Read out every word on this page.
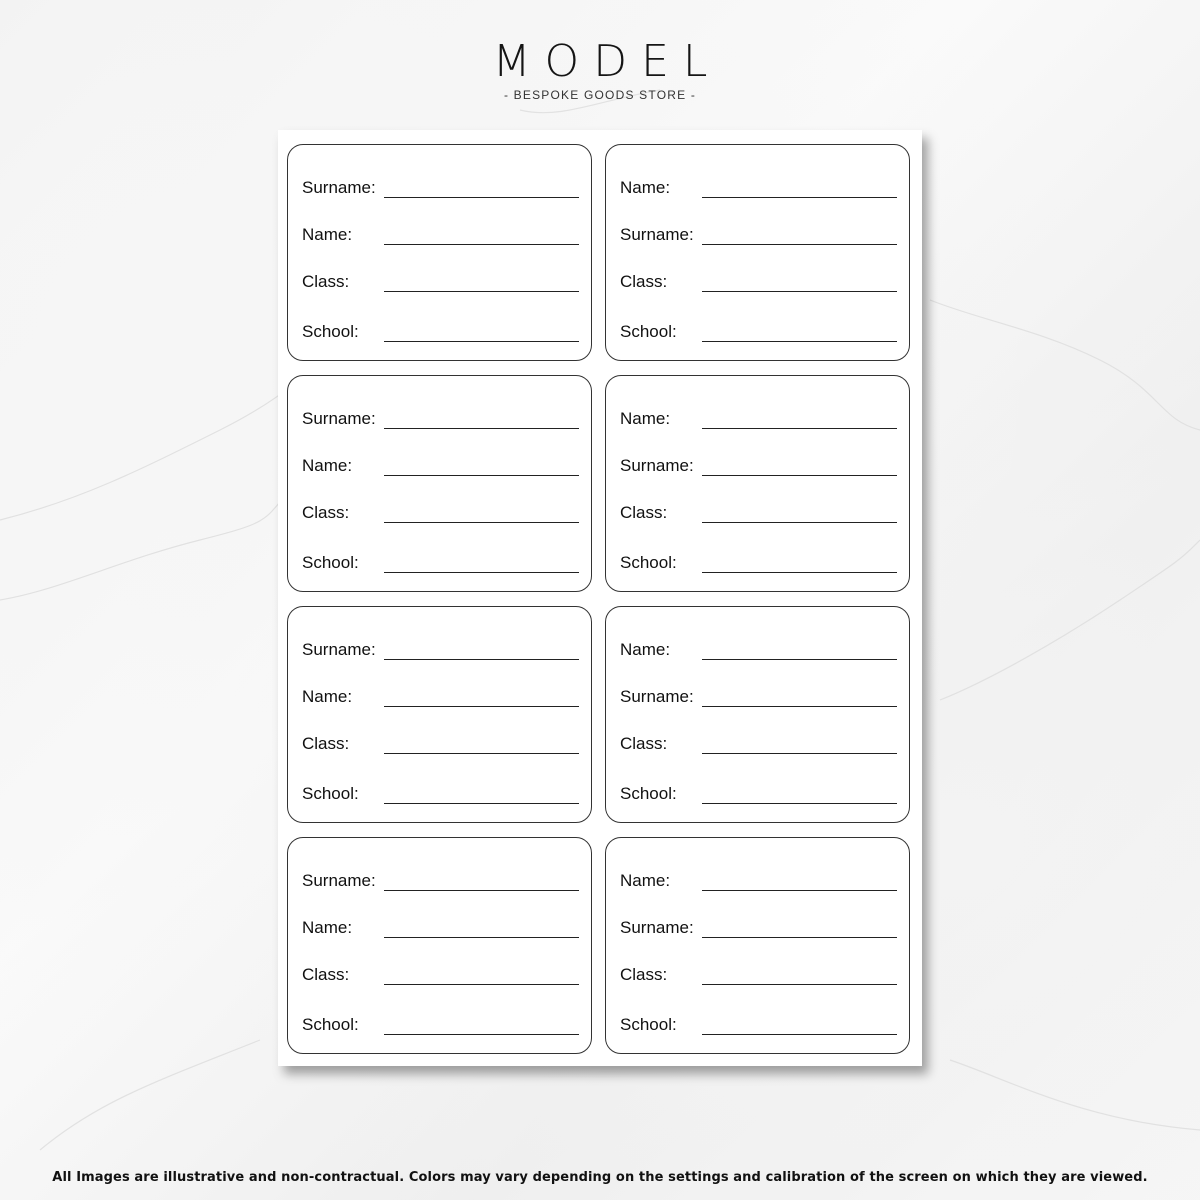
MODEL
- BESPOKE GOODS STORE -
Surname:
Name:
Class:
School:
Name:
Surname:
Class:
School:
Surname:
Name:
Class:
School:
Name:
Surname:
Class:
School:
Surname:
Name:
Class:
School:
Name:
Surname:
Class:
School:
Surname:
Name:
Class:
School:
Name:
Surname:
Class:
School:
All Images are illustrative and non-contractual. Colors may vary depending on the settings and calibration of the screen on which they are viewed.
